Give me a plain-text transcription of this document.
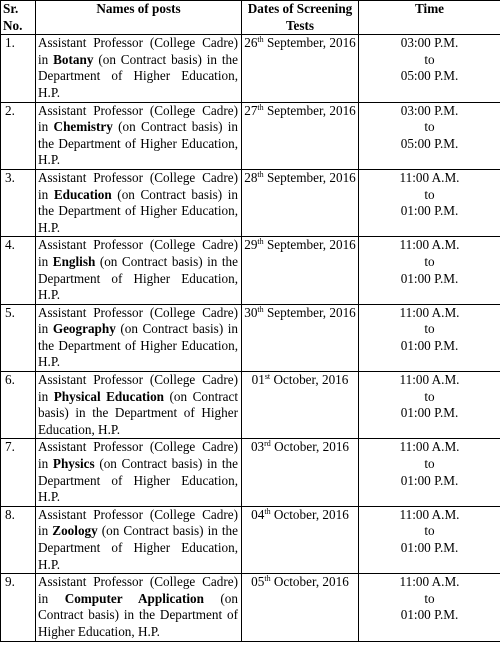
Sr. No.	Names of posts	Dates of Screening Tests	Time
1.	Assistant Professor (College Cadre) in Botany (on Contract basis) in the Department of Higher Education, H.P.	26th September, 2016	03:00 P.M.
to
05:00 P.M.

2.	Assistant Professor (College Cadre) in Chemistry (on Contract basis) in the Department of Higher Education, H.P.	27th September, 2016	03:00 P.M.
to
05:00 P.M.

3.	Assistant Professor (College Cadre) in Education (on Contract basis) in the Department of Higher Education, H.P.	28th September, 2016	11:00 A.M.
to
01:00 P.M.

4.	Assistant Professor (College Cadre) in English (on Contract basis) in the Department of Higher Education, H.P.	29th September, 2016	11:00 A.M.
to
01:00 P.M.

5.	Assistant Professor (College Cadre) in Geography (on Contract basis) in the Department of Higher Education, H.P.	30th September, 2016	11:00 A.M.
to
01:00 P.M.

6.	Assistant Professor (College Cadre) in Physical Education (on Contract basis) in the Department of Higher Education, H.P.	01st October, 2016	11:00 A.M.
to
01:00 P.M.

7.	Assistant Professor (College Cadre) in Physics (on Contract basis) in the Department of Higher Education, H.P.	03rd October, 2016	11:00 A.M.
to
01:00 P.M.

8.	Assistant Professor (College Cadre) in Zoology (on Contract basis) in the Department of Higher Education, H.P.	04th October, 2016	11:00 A.M.
to
01:00 P.M.

9.	Assistant Professor (College Cadre) in Computer Application (on Contract basis) in the Department of Higher Education, H.P.	05th October, 2016	11:00 A.M.
to
01:00 P.M.
